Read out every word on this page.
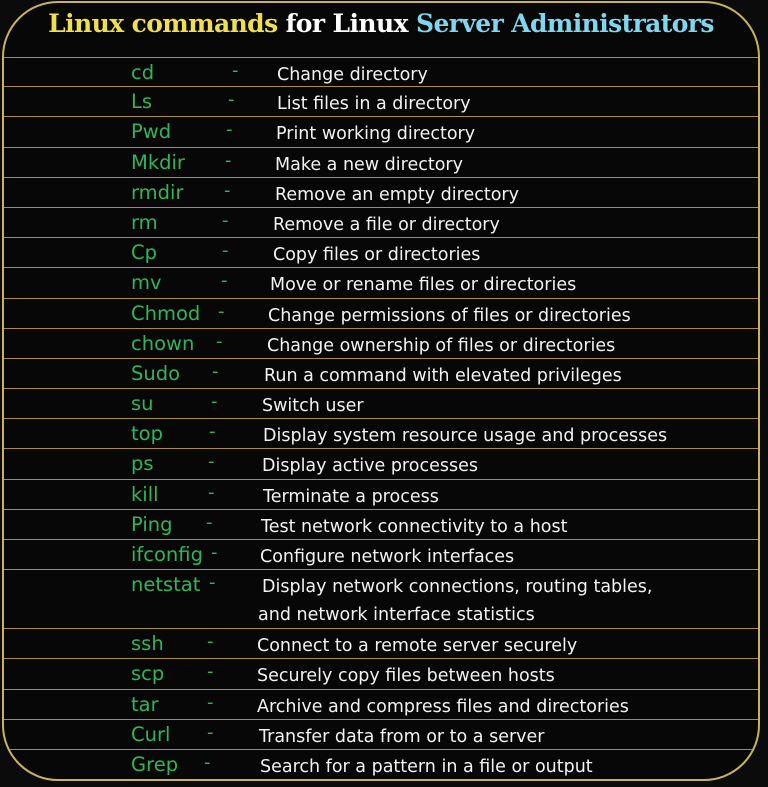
Linux commands for Linux Server Administrators
cd	- Change directory
Ls	- List files in a directory
Pwd	- Print working directory
Mkdir - Make a new directory
rmdir -	Remove an empty directory
rm	-	Remove a file or directory
Cp	-	Copy files or directories
mv	- Move or rename files or directories
Chmod - Change permissions of files or directories
chown -	Change ownership of files or directories
Sudo -	Run a command with elevated privileges
su	-	Switch user
top	-	Display system resource usage and processes
ps	-	Display active processes
kill	-	Terminate a process
Ping -	Test network connectivity to a host
ifconfig - Configure network interfaces
netstat -	Display network connections, routing tables,
and network interface statistics
ssh - Connect to a remote server securely
scp - Securely copy files between hosts
tar	- Archive and compress files and directories
Curl -	Transfer data from or to a server
Grep -	Search for a pattern in a file or output
